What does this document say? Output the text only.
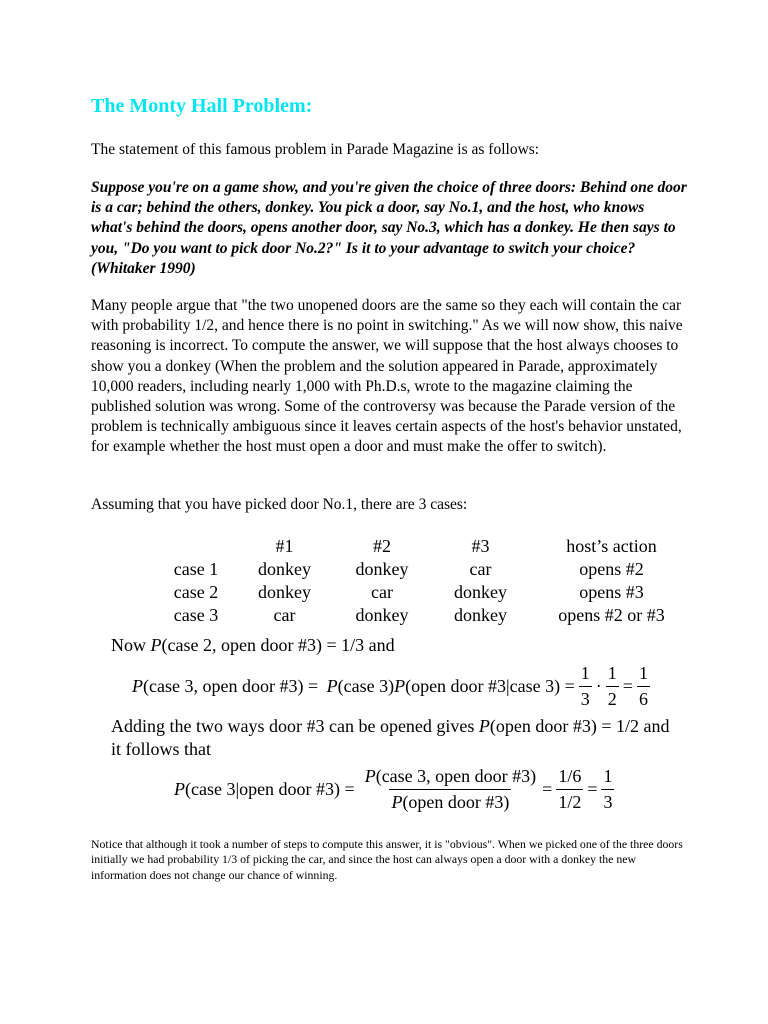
The Monty Hall Problem:

The statement of this famous problem in Parade Magazine is as follows:

Suppose you're on a game show, and you're given the choice of three doors: Behind one door is a car; behind the others, donkey. You pick a door, say No.1, and the host, who knows what's behind the doors, opens another door, say No.3, which has a donkey. He then says to you, "Do you want to pick door No.2?" Is it to your advantage to switch your choice? (Whitaker 1990)

Many people argue that "the two unopened doors are the same so they each will contain the car with probability 1/2, and hence there is no point in switching." As we will now show, this naive reasoning is incorrect. To compute the answer, we will suppose that the host always chooses to show you a donkey (When the problem and the solution appeared in Parade, approximately 10,000 readers, including nearly 1,000 with Ph.D.s, wrote to the magazine claiming the published solution was wrong. Some of the controversy was because the Parade version of the problem is technically ambiguous since it leaves certain aspects of the host's behavior unstated, for example whether the host must open a door and must make the offer to switch).

Assuming that you have picked door No.1, there are 3 cases:

	#1	#2	#3	host’s action
case 1	donkey	donkey	car	opens #2
case 2	donkey	car	donkey	opens #3
case 3	car	donkey	donkey	opens #2 or #3

Now P(case 2, open door #3) = 1/3 and

P (case 3, open door #3) = P (case 3) P (open door #3|case $3) = \frac{1}{3} \cdot \frac{1}{2} = \frac{1}{6}$

Adding the two ways door #3 can be opened gives P(open door #3) = 1/2 and

it follows that

P (case 3|open door #3) = $\frac{\text{P(case 3, open door \#3)}}{\text{P(open door \#3)}} = \frac{1/6}{1/2} = \frac{1}{3}$

Notice that although it took a number of steps to compute this answer, it is "obvious". When we picked one of the three doors initially we had probability 1/3 of picking the car, and since the host can always open a door with a donkey the new information does not change our chance of winning.
